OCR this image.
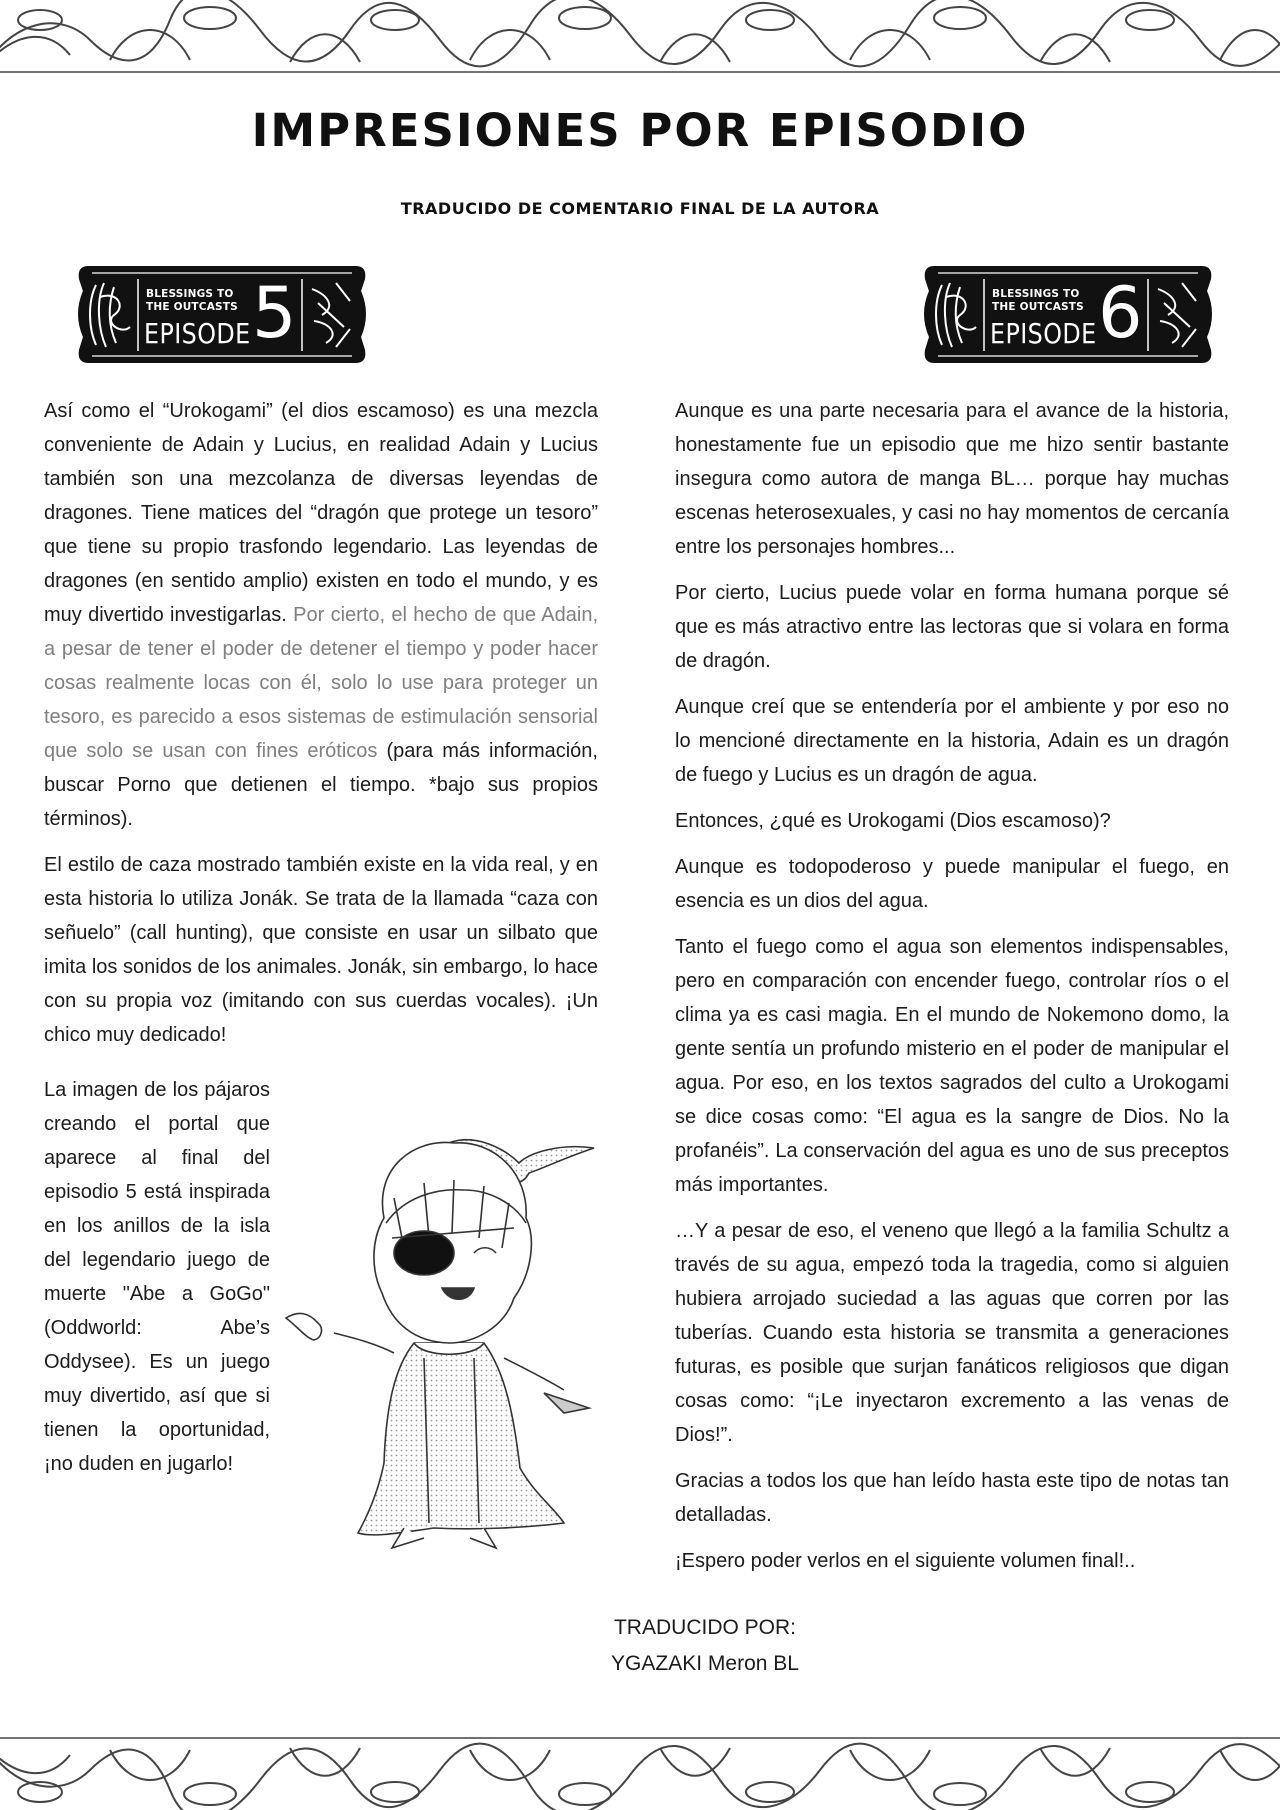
IMPRESIONES POR EPISODIO

TRADUCIDO DE COMENTARIO FINAL DE LA AUTORA

BLESSINGS TO THE OUTCASTS
EPISODE 5	BLESSINGS TO THE OUTCASTS
EPISODE 6

Así como el “Urokogami” (el dios escamoso) es una mezcla conveniente de Adain y Lucius, en realidad Adain y Lucius también son una mezcolanza de diversas leyendas de dragones. Tiene matices del “dragón que protege un tesoro” que tiene su propio trasfondo legendario. Las leyendas de dragones (en sentido amplio) existen en todo el mundo, y es muy divertido investigarlas. Por cierto, el hecho de que Adain, a pesar de tener el poder de detener el tiempo y poder hacer cosas realmente locas con él, solo lo use para proteger un tesoro, es parecido a esos sistemas de estimulación sensorial que solo se usan con fines eróticos (para más información, buscar Porno que detienen el tiempo. *bajo sus propios términos).

El estilo de caza mostrado también existe en la vida real, y en esta historia lo utiliza Jonák. Se trata de la llamada “caza con señuelo” (call hunting), que consiste en usar un silbato que imita los sonidos de los animales. Jonák, sin embargo, lo hace con su propia voz (imitando con sus cuerdas vocales). ¡Un chico muy dedicado!

La imagen de los pájaros creando el portal que aparece al final del episodio 5 está inspirada en los anillos de la isla del legendario juego de muerte "Abe a GoGo" (Oddworld: Abe’s Oddysee). Es un juego muy divertido, así que si tienen la oportunidad, ¡no duden en jugarlo!

Aunque es una parte necesaria para el avance de la historia, honestamente fue un episodio que me hizo sentir bastante insegura como autora de manga BL… porque hay muchas escenas heterosexuales, y casi no hay momentos de cercanía entre los personajes hombres...

Por cierto, Lucius puede volar en forma humana porque sé que es más atractivo entre las lectoras que si volara en forma de dragón.

Aunque creí que se entendería por el ambiente y por eso no lo mencioné directamente en la historia, Adain es un dragón de fuego y Lucius es un dragón de agua.

Entonces, ¿qué es Urokogami (Dios escamoso)?

Aunque es todopoderoso y puede manipular el fuego, en esencia es un dios del agua.

Tanto el fuego como el agua son elementos indispensables, pero en comparación con encender fuego, controlar ríos o el clima ya es casi magia. En el mundo de Nokemono domo, la gente sentía un profundo misterio en el poder de manipular el agua. Por eso, en los textos sagrados del culto a Urokogami se dice cosas como: “El agua es la sangre de Dios. No la profanéis”. La conservación del agua es uno de sus preceptos más importantes.

…Y a pesar de eso, el veneno que llegó a la familia Schultz a través de su agua, empezó toda la tragedia, como si alguien hubiera arrojado suciedad a las aguas que corren por las tuberías. Cuando esta historia se transmita a generaciones futuras, es posible que surjan fanáticos religiosos que digan cosas como: “¡Le inyectaron excremento a las venas de Dios!”.

Gracias a todos los que han leído hasta este tipo de notas tan detalladas.

¡Espero poder verlos en el siguiente volumen final!..

TRADUCIDO POR:

YGAZAKI Meron BL
